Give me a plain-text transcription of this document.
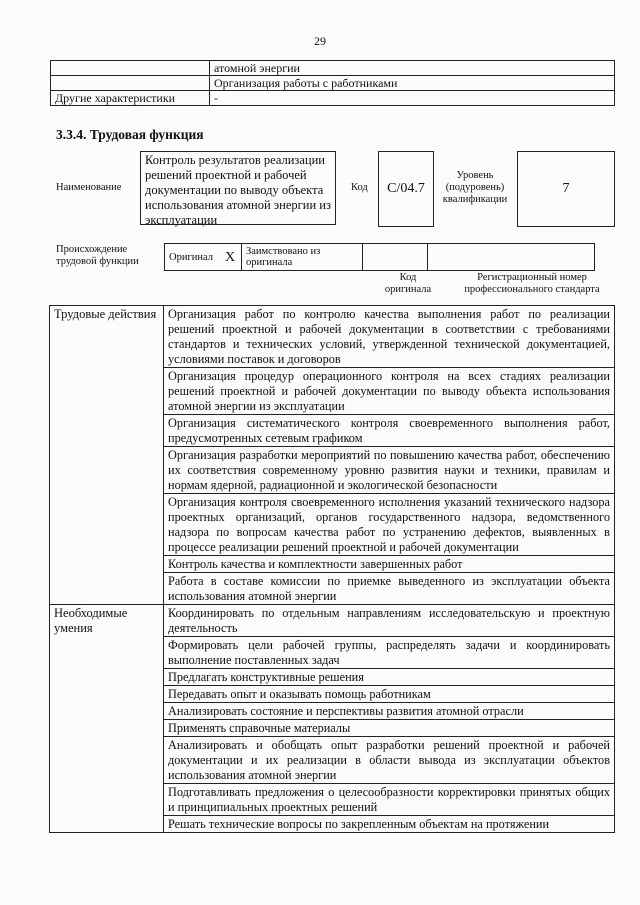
29
	атомной энергии
	Организация работы с работниками
Другие характеристики	-
3.3.4. Трудовая функция
Наименование
Контроль результатов реализации решений проектной и рабочей документации по выводу объекта использования атомной энергии из эксплуатации
Код	С/04.7
Уровень (подуровень) квалификации
7
Происхождение трудовой функции	Оригинал	X	Заимствовано из оригинала		
Код оригинала
Регистрационный номер профессионального стандарта
Трудовые действия	Организация работ по контролю качества выполнения работ по реализации решений проектной и рабочей документации в соответствии с требованиями стандартов и технических условий, утвержденной технической документацией, условиями поставок и договоров
	Организация процедур операционного контроля на всех стадиях реализации решений проектной и рабочей документации по выводу объекта использования атомной энергии из эксплуатации
	Организация систематического контроля своевременного выполнения работ, предусмотренных сетевым графиком
	Организация разработки мероприятий по повышению качества работ, обеспечению их соответствия современному уровню развития науки и техники, правилам и нормам ядерной, радиационной и экологической безопасности
	Организация контроля своевременного исполнения указаний технического надзора проектных организаций, органов государственного надзора, ведомственного надзора по вопросам качества работ по устранению дефектов, выявленных в процессе реализации решений проектной и рабочей документации
	Контроль качества и комплектности завершенных работ
	Работа в составе комиссии по приемке выведенного из эксплуатации объекта использования атомной энергии
Необходимые умения	Координировать по отдельным направлениям исследовательскую и проектную деятельность
	Формировать цели рабочей группы, распределять задачи и координировать выполнение поставленных задач
	Предлагать конструктивные решения
	Передавать опыт и оказывать помощь работникам
	Анализировать состояние и перспективы развития атомной отрасли
	Применять справочные материалы
	Анализировать и обобщать опыт разработки решений проектной и рабочей документации и их реализации в области вывода из эксплуатации объектов использования атомной энергии
	Подготавливать предложения о целесообразности корректировки принятых общих и принципиальных проектных решений
	Решать технические вопросы по закрепленным объектам на протяжении
